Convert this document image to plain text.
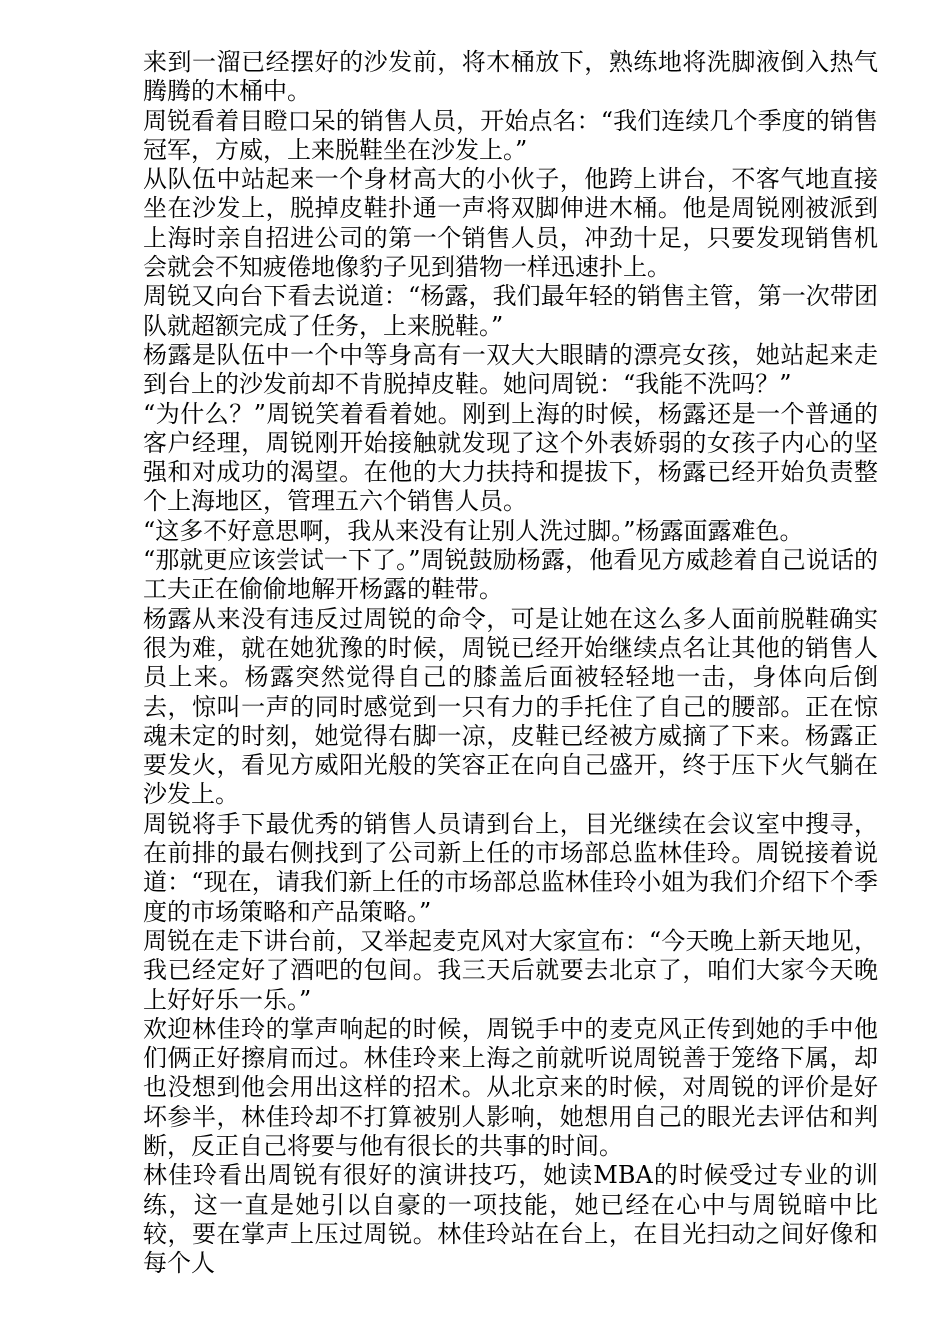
来到一溜已经摆好的沙发前，将木桶放下，熟练地将洗脚液倒入热气腾腾的木桶中。

周锐看着目瞪口呆的销售人员，开始点名：“我们连续几个季度的销售冠军，方威，上来脱鞋坐在沙发上。”

从队伍中站起来一个身材高大的小伙子，他跨上讲台，不客气地直接坐在沙发上，脱掉皮鞋扑通一声将双脚伸进木桶。他是周锐刚被派到上海时亲自招进公司的第一个销售人员，冲劲十足，只要发现销售机会就会不知疲倦地像豹子见到猎物一样迅速扑上。

周锐又向台下看去说道：“杨露，我们最年轻的销售主管，第一次带团队就超额完成了任务，上来脱鞋。”

杨露是队伍中一个中等身高有一双大大眼睛的漂亮女孩，她站起来走到台上的沙发前却不肯脱掉皮鞋。她问周锐：“我能不洗吗？”

“为什么？”周锐笑着看着她。刚到上海的时候，杨露还是一个普通的客户经理，周锐刚开始接触就发现了这个外表娇弱的女孩子内心的坚强和对成功的渴望。在他的大力扶持和提拔下，杨露已经开始负责整个上海地区，管理五六个销售人员。

“这多不好意思啊，我从来没有让别人洗过脚。”杨露面露难色。

“那就更应该尝试一下了。”周锐鼓励杨露，他看见方威趁着自己说话的工夫正在偷偷地解开杨露的鞋带。

杨露从来没有违反过周锐的命令，可是让她在这么多人面前脱鞋确实很为难，就在她犹豫的时候，周锐已经开始继续点名让其他的销售人员上来。杨露突然觉得自己的膝盖后面被轻轻地一击，身体向后倒去，惊叫一声的同时感觉到一只有力的手托住了自己的腰部。正在惊魂未定的时刻，她觉得右脚一凉，皮鞋已经被方威摘了下来。杨露正要发火，看见方威阳光般的笑容正在向自己盛开，终于压下火气躺在沙发上。

周锐将手下最优秀的销售人员请到台上，目光继续在会议室中搜寻，在前排的最右侧找到了公司新上任的市场部总监林佳玲。周锐接着说道：“现在，请我们新上任的市场部总监林佳玲小姐为我们介绍下个季度的市场策略和产品策略。”

周锐在走下讲台前，又举起麦克风对大家宣布：“今天晚上新天地见，我已经定好了酒吧的包间。我三天后就要去北京了，咱们大家今天晚上好好乐一乐。”

欢迎林佳玲的掌声响起的时候，周锐手中的麦克风正传到她的手中他们俩正好擦肩而过。林佳玲来上海之前就听说周锐善于笼络下属，却也没想到他会用出这样的招术。从北京来的时候，对周锐的评价是好坏参半，林佳玲却不打算被别人影响，她想用自己的眼光去评估和判断，反正自己将要与他有很长的共事的时间。

林佳玲看出周锐有很好的演讲技巧，她读MBA的时候受过专业的训练，这一直是她引以自豪的一项技能，她已经在心中与周锐暗中比较，要在掌声上压过周锐。林佳玲站在台上，在目光扫动之间好像和每个人
